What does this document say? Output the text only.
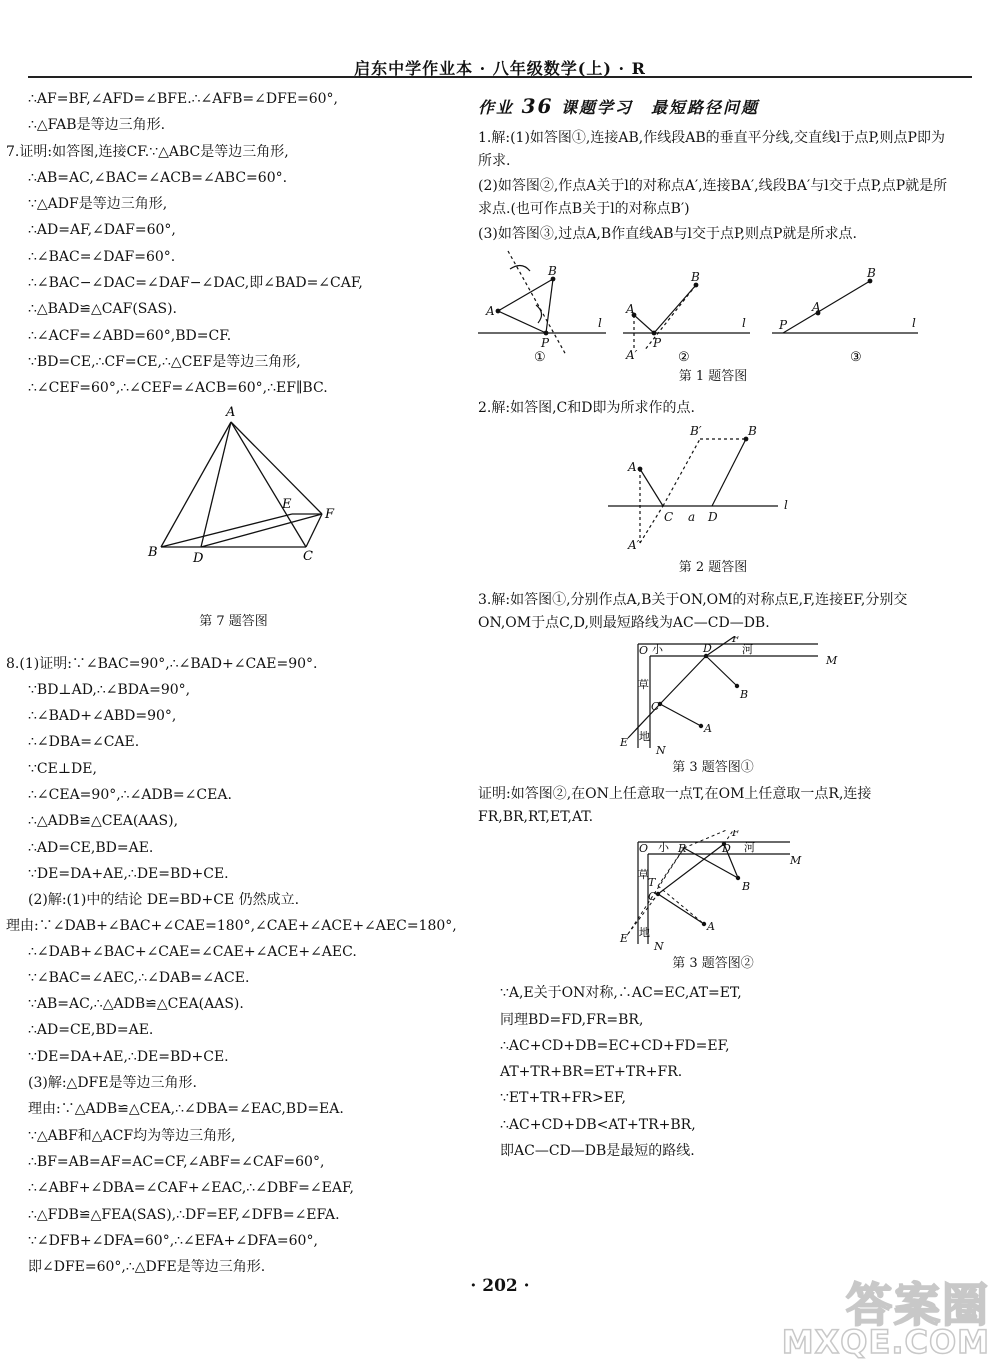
启东中学作业本 · 八年级数学(上) · R
∴AF=BF,∠AFD=∠BFE.∴∠AFB=∠DFE=60°,
∴△FAB是等边三角形.
7.证明:如答图,连接CF.∵△ABC是等边三角形,
∴AB=AC,∠BAC=∠ACB=∠ABC=60°.
∵△ADF是等边三角形,
∴AD=AF,∠DAF=60°,
∴∠BAC=∠DAF=60°.
∴∠BAC−∠DAC=∠DAF−∠DAC,即∠BAD=∠CAF,
∴△BAD≌△CAF(SAS).
∴∠ACF=∠ABD=60°,BD=CF.
∵BD=CE,∴CF=CE,∴△CEF是等边三角形,
∴∠CEF=60°,∴∠CEF=∠ACB=60°,∴EF∥BC.
A
B	C
D
E
F
第 7 题答图
8.(1)证明:∵∠BAC=90°,∴∠BAD+∠CAE=90°.
∵BD⊥AD,∴∠BDA=90°,
∴∠BAD+∠ABD=90°,
∴∠DBA=∠CAE.
∵CE⊥DE,
∴∠CEA=90°,∴∠ADB=∠CEA.
∴△ADB≌△CEA(AAS),
∴AD=CE,BD=AE.
∵DE=DA+AE,∴DE=BD+CE.
(2)解:(1)中的结论 DE=BD+CE 仍然成立.
理由:∵∠DAB+∠BAC+∠CAE=180°,∠CAE+∠ACE+∠AEC=180°,
∴∠DAB+∠BAC+∠CAE=∠CAE+∠ACE+∠AEC.
∵∠BAC=∠AEC,∴∠DAB=∠ACE.
∵AB=AC,∴△ADB≌△CEA(AAS).
∴AD=CE,BD=AE.
∵DE=DA+AE,∴DE=BD+CE.
(3)解:△DFE是等边三角形.
理由:∵△ADB≌△CEA,∴∠DBA=∠EAC,BD=EA.
∵△ABF和△ACF均为等边三角形,
∴BF=AB=AF=AC=CF,∠ABF=∠CAF=60°,
∴∠ABF+∠DBA=∠CAF+∠EAC,∴∠DBF=∠EAF,
∴△FDB≌△FEA(SAS),∴DF=EF,∠DFB=∠EFA.
∵∠DFB+∠DFA=60°,∴∠EFA+∠DFA=60°,
即∠DFE=60°,∴△DFE是等边三角形.
作业 36 课题学习　最短路径问题
1.解:(1)如答图①,连接AB,作线段AB的垂直平分线,交直线l于点P,则点P即为所求.
(2)如答图②,作点A关于l的对称点A′,连接BA′,线段BA′与l交于点P,点P就是所求点.(也可作点B关于l的对称点B′)
(3)如答图③,过点A,B作直线AB与l交于点P,则点P就是所求点.
B
A
P
l
B
A
P
A′
l
B
A
P	l
①	②	③
第 1 题答图
2.解:如答图,C和D即为所求作的点.
A
B′	B
C a D
A′
l
第 2 题答图
3.解:如答图①,分别作点A,B关于ON,OM的对称点E,F,连接EF,分别交ON,OM于点C,D,则最短路线为AC—CD—DB.
O	D
F
M
C
E
A
B
N
小	河
草
地
第 3 题答图①
证明:如答图②,在ON上任意取一点T,在OM上任意取一点R,连接FR,BR,RT,ET,AT.
O	R	D
F
M
T
C
E
A
B
N
小	河
草
地
第 3 题答图②
∵A,E关于ON对称,∴AC=EC,AT=ET,
同理BD=FD,FR=BR,
∴AC+CD+DB=EC+CD+FD=EF,
AT+TR+BR=ET+TR+FR.
∵ET+TR+FR>EF,
∴AC+CD+DB<AT+TR+BR,
即AC—CD—DB是最短的路线.
· 202 ·	答案圈
MXQE.COM
